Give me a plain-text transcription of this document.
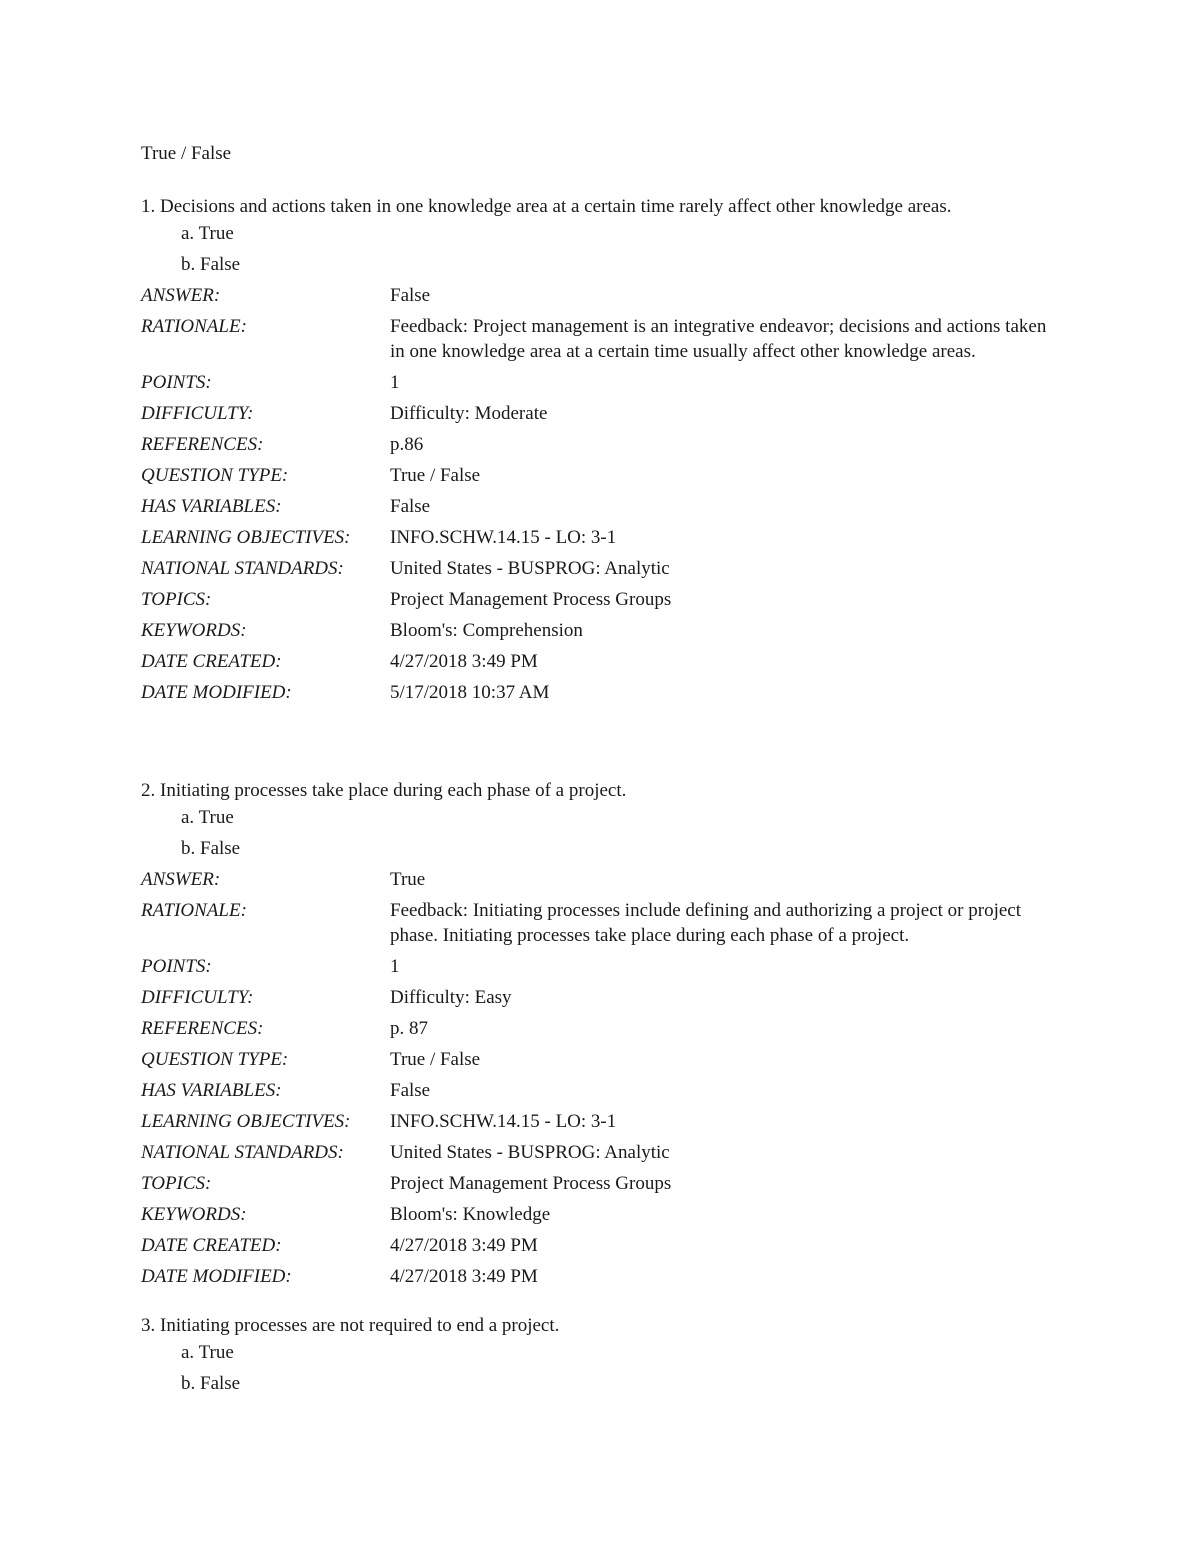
True / False

1. Decisions and actions taken in one knowledge area at a certain time rarely affect other knowledge areas.

a. True
b. False
ANSWER:	False
RATIONALE:	Feedback: Project management is an integrative endeavor; decisions and actions taken in one knowledge area at a certain time usually affect other knowledge areas.
POINTS:	1
DIFFICULTY:	Difficulty: Moderate
REFERENCES:	p.86
QUESTION TYPE:	True / False
HAS VARIABLES:	False
LEARNING OBJECTIVES:	INFO.SCHW.14.15 - LO: 3-1
NATIONAL STANDARDS:	United States - BUSPROG: Analytic
TOPICS:	Project Management Process Groups
KEYWORDS:	Bloom's: Comprehension
DATE CREATED:	4/27/2018 3:49 PM
DATE MODIFIED:	5/17/2018 10:37 AM

2. Initiating processes take place during each phase of a project.

a. True
b. False
ANSWER:	True
RATIONALE:	Feedback: Initiating processes include defining and authorizing a project or project phase. Initiating processes take place during each phase of a project.
POINTS:	1
DIFFICULTY:	Difficulty: Easy
REFERENCES:	p. 87
QUESTION TYPE:	True / False
HAS VARIABLES:	False
LEARNING OBJECTIVES:	INFO.SCHW.14.15 - LO: 3-1
NATIONAL STANDARDS:	United States - BUSPROG: Analytic
TOPICS:	Project Management Process Groups
KEYWORDS:	Bloom's: Knowledge
DATE CREATED:	4/27/2018 3:49 PM
DATE MODIFIED:	4/27/2018 3:49 PM

3. Initiating processes are not required to end a project.

a. True
b. False
